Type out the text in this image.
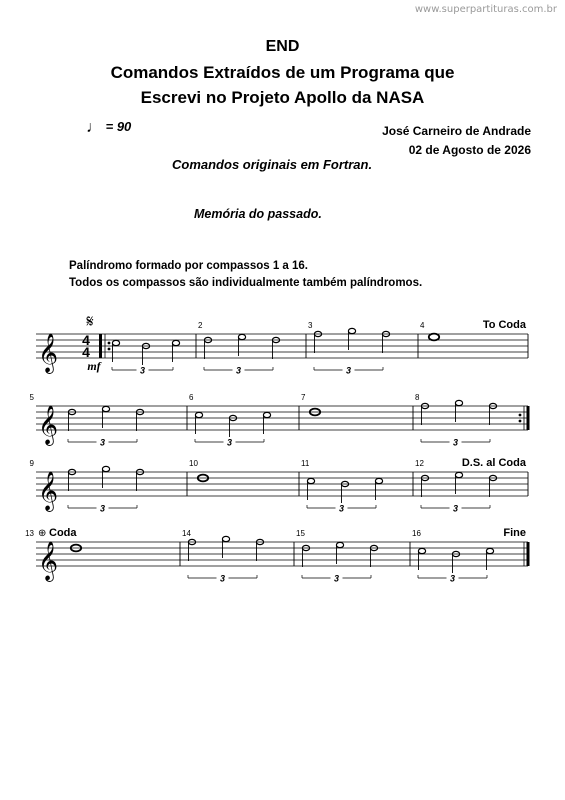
www.superpartituras.com.br
END
Comandos Extraídos de um Programa que
Escrevi no Projeto Apollo da NASA
♩ = 90	José Carneiro de Andrade
02 de Agosto de 2026
Comandos originais em Fortran.
Memória do passado.
Palíndromo formado por compassos 1 a 16.
Todos os compassos são individualmente também palíndromos.
𝄞 4
4
𝄋
mf	3
2
3
3
3
4	To Coda
𝄞
5
3
6
3
7	8
3
𝄞
9
3
10	11
3
12
3
D.S. al Coda
𝄞
13	14
3
15
3
16
3
Fine
⊕ Coda
